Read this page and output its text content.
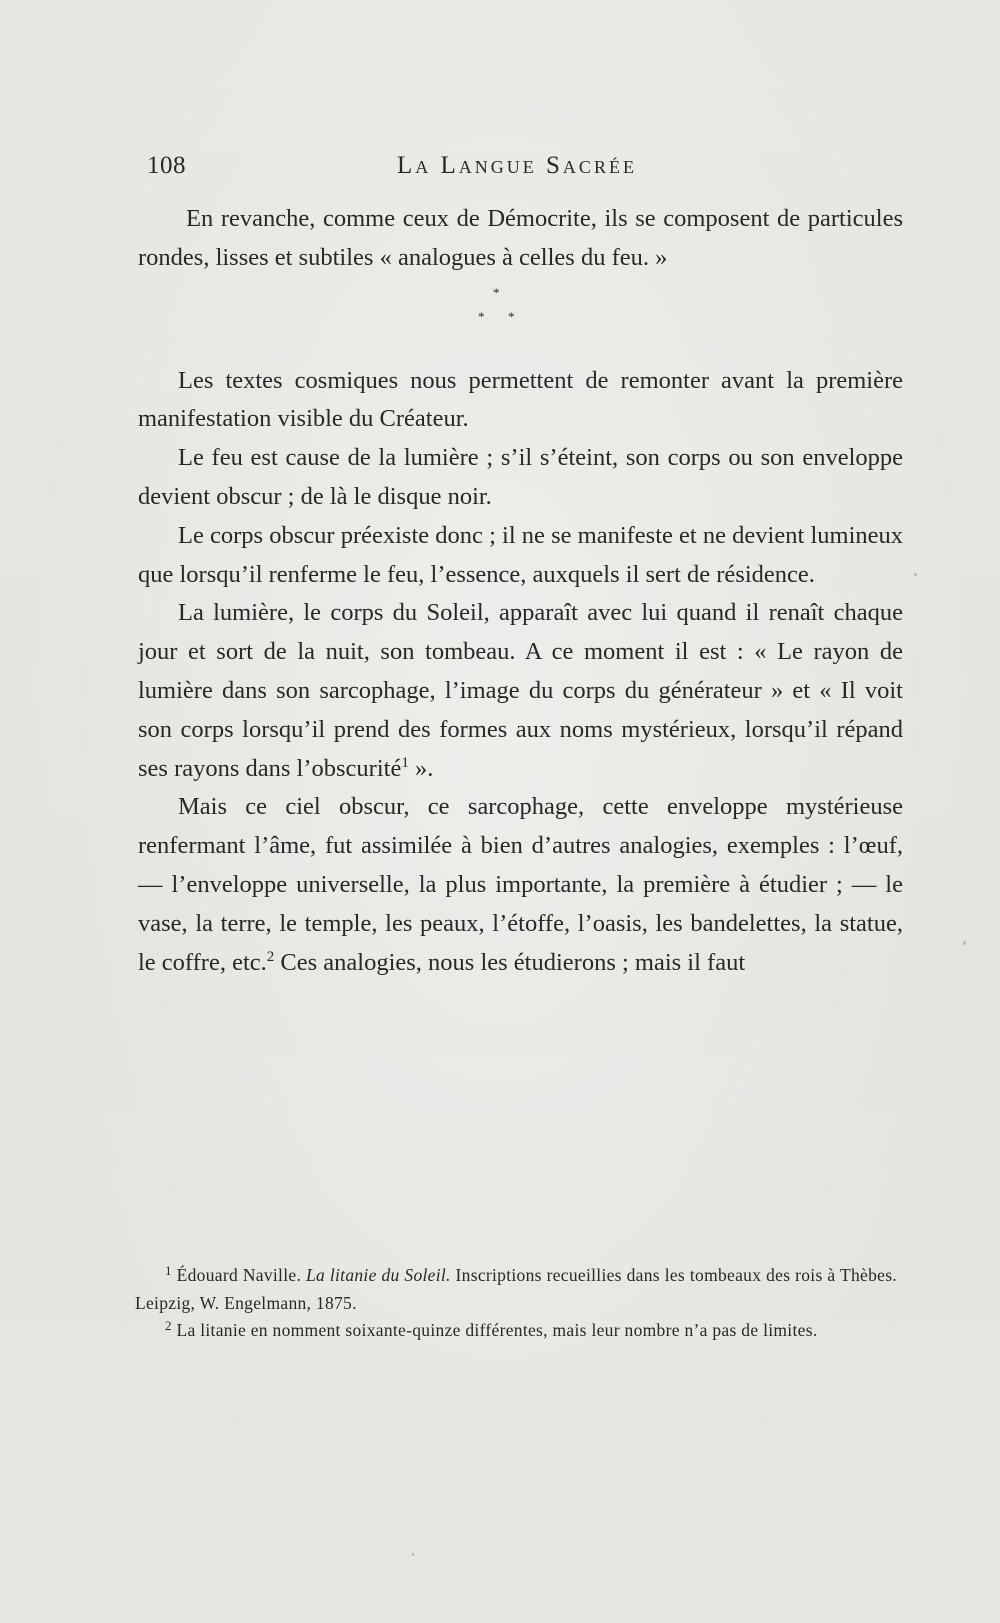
108	La Langue Sacrée

En revanche, comme ceux de Démocrite, ils se composent de particules rondes, lisses et subtiles « analogues à celles du feu. »

*
* *

Les textes cosmiques nous permettent de remonter avant la première manifestation visible du Créateur.

Le feu est cause de la lumière ; s’il s’éteint, son corps ou son enveloppe devient obscur ; de là le disque noir.

Le corps obscur préexiste donc ; il ne se manifeste et ne devient lumineux que lorsqu’il renferme le feu, l’essence, auxquels il sert de résidence.

La lumière, le corps du Soleil, apparaît avec lui quand il renaît chaque jour et sort de la nuit, son tombeau. A ce moment il est : « Le rayon de lumière dans son sarcophage, l’image du corps du générateur » et « Il voit son corps lorsqu’il prend des formes aux noms mystérieux, lorsqu’il répand ses rayons dans l’obscurité$^1$ ».

Mais ce ciel obscur, ce sarcophage, cette enveloppe mystérieuse renfermant l’âme, fut assimilée à bien d’autres analogies, exemples : l’œuf, — l’enveloppe universelle, la plus importante, la première à étudier ; — le vase, la terre, le temple, les peaux, l’étoffe, l’oasis, les bandelettes, la statue, le coffre, etc.$^2$ Ces analogies, nous les étudierons ; mais il faut

$^1$ Édouard Naville. La litanie du Soleil. Inscriptions recueillies dans les tombeaux des rois à Thèbes. Leipzig, W. Engelmann, 1875.

$^2$ La litanie en nomment soixante-quinze différentes, mais leur nombre n’a pas de limites.
